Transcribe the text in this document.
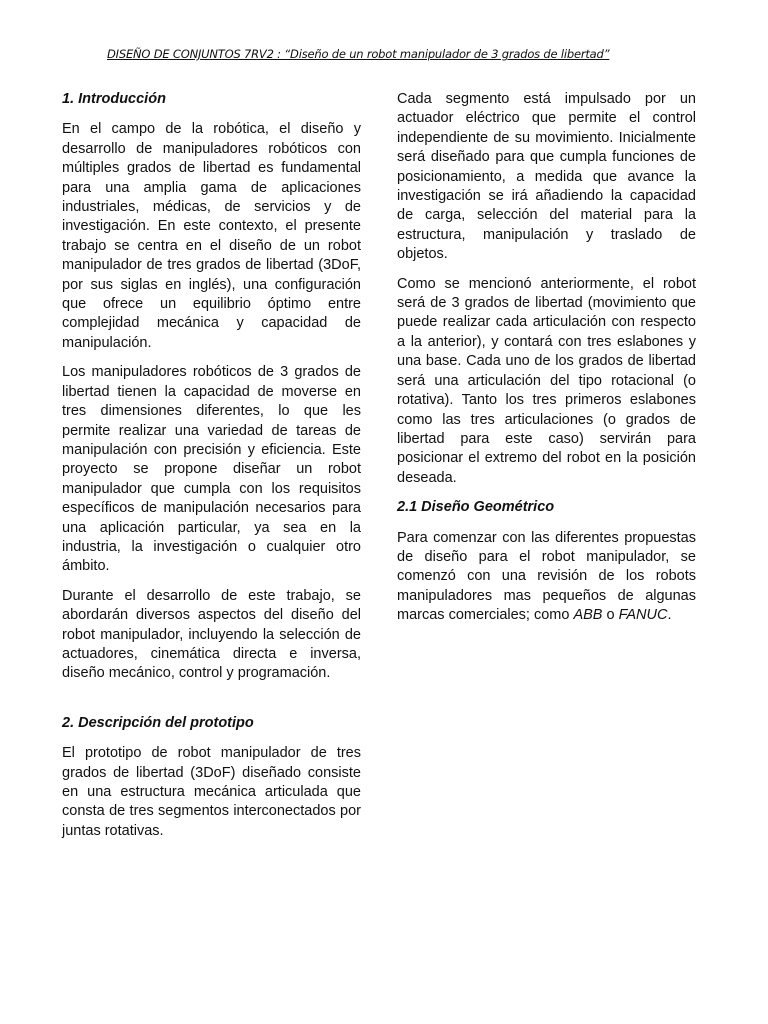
DISEÑO DE CONJUNTOS 7RV2 : “Diseño de un robot manipulador de 3 grados de libertad”
1. Introducción

En el campo de la robótica, el diseño y desarrollo de manipuladores robóticos con múltiples grados de libertad es fundamental para una amplia gama de aplicaciones industriales, médicas, de servicios y de investigación. En este contexto, el presente trabajo se centra en el diseño de un robot manipulador de tres grados de libertad (3DoF, por sus siglas en inglés), una configuración que ofrece un equilibrio óptimo entre complejidad mecánica y capacidad de manipulación.

Los manipuladores robóticos de 3 grados de libertad tienen la capacidad de moverse en tres dimensiones diferentes, lo que les permite realizar una variedad de tareas de manipulación con precisión y eficiencia. Este proyecto se propone diseñar un robot manipulador que cumpla con los requisitos específicos de manipulación necesarios para una aplicación particular, ya sea en la industria, la investigación o cualquier otro ámbito.

Durante el desarrollo de este trabajo, se abordarán diversos aspectos del diseño del robot manipulador, incluyendo la selección de actuadores, cinemática directa e inversa, diseño mecánico, control y programación.

2. Descripción del prototipo

El prototipo de robot manipulador de tres grados de libertad (3DoF) diseñado consiste en una estructura mecánica articulada que consta de tres segmentos interconectados por juntas rotativas.

Cada segmento está impulsado por un actuador eléctrico que permite el control independiente de su movimiento. Inicialmente será diseñado para que cumpla funciones de posicionamiento, a medida que avance la investigación se irá añadiendo la capacidad de carga, selección del material para la estructura, manipulación y traslado de objetos.

Como se mencionó anteriormente, el robot será de 3 grados de libertad (movimiento que puede realizar cada articulación con respecto a la anterior), y contará con tres eslabones y una base. Cada uno de los grados de libertad será una articulación del tipo rotacional (o rotativa). Tanto los tres primeros eslabones como las tres articulaciones (o grados de libertad para este caso) servirán para posicionar el extremo del robot en la posición deseada.

2.1 Diseño Geométrico

Para comenzar con las diferentes propuestas de diseño para el robot manipulador, se comenzó con una revisión de los robots manipuladores mas pequeños de algunas marcas comerciales; como ABB o FANUC.
